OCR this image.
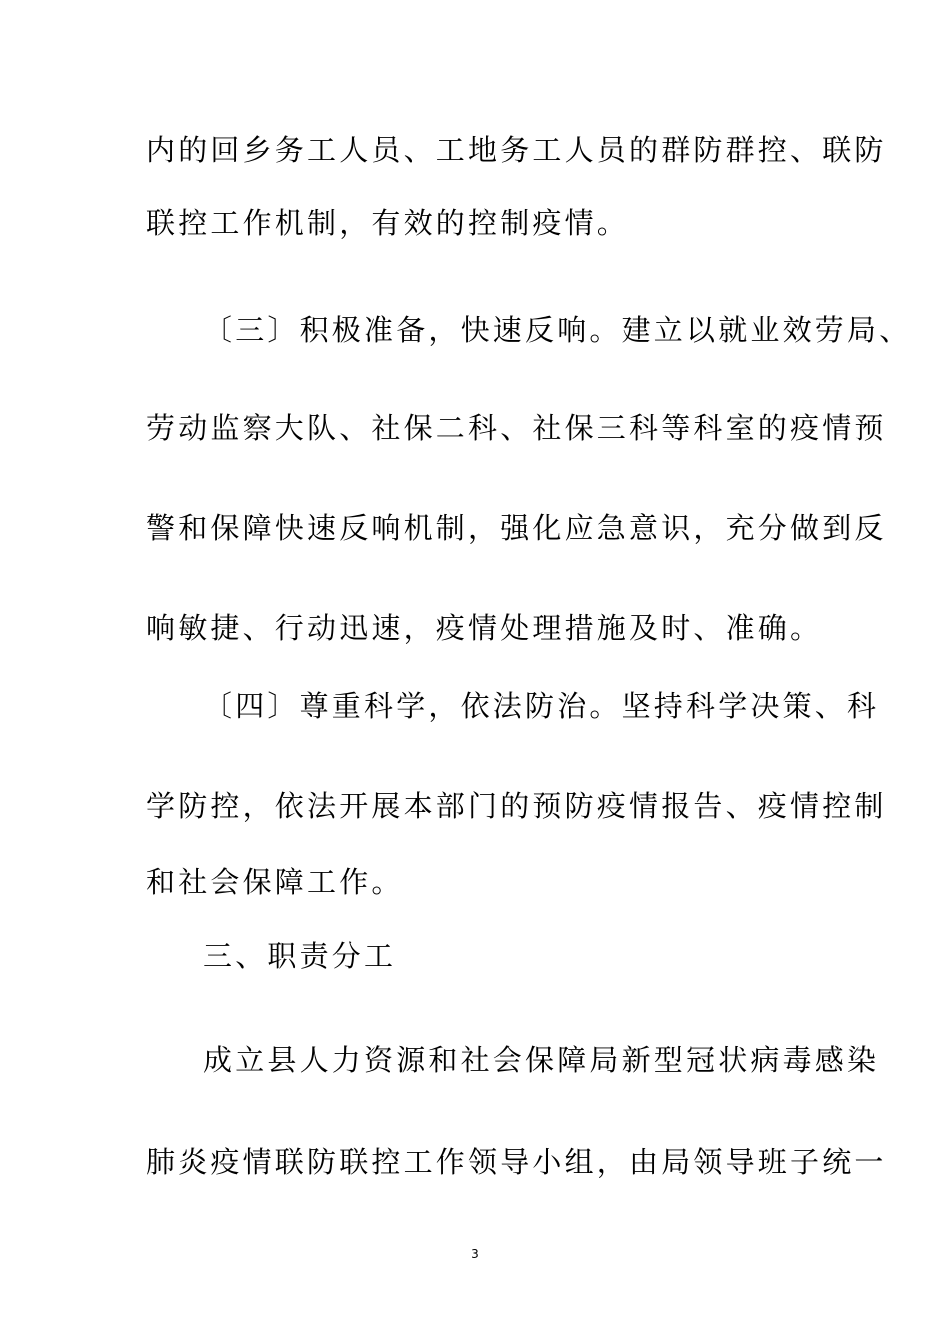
内的回乡务工人员、工地务工人员的群防群控、联防
联控工作机制，有效的控制疫情。
〔三〕积极准备，快速反响。建立以就业效劳局、
劳动监察大队、社保二科、社保三科等科室的疫情预
警和保障快速反响机制，强化应急意识，充分做到反
响敏捷、行动迅速，疫情处理措施及时、准确。
〔四〕尊重科学，依法防治。坚持科学决策、科
学防控，依法开展本部门的预防疫情报告、疫情控制
和社会保障工作。
三、职责分工
成立县人力资源和社会保障局新型冠状病毒感染
肺炎疫情联防联控工作领导小组，由局领导班子统一
3
